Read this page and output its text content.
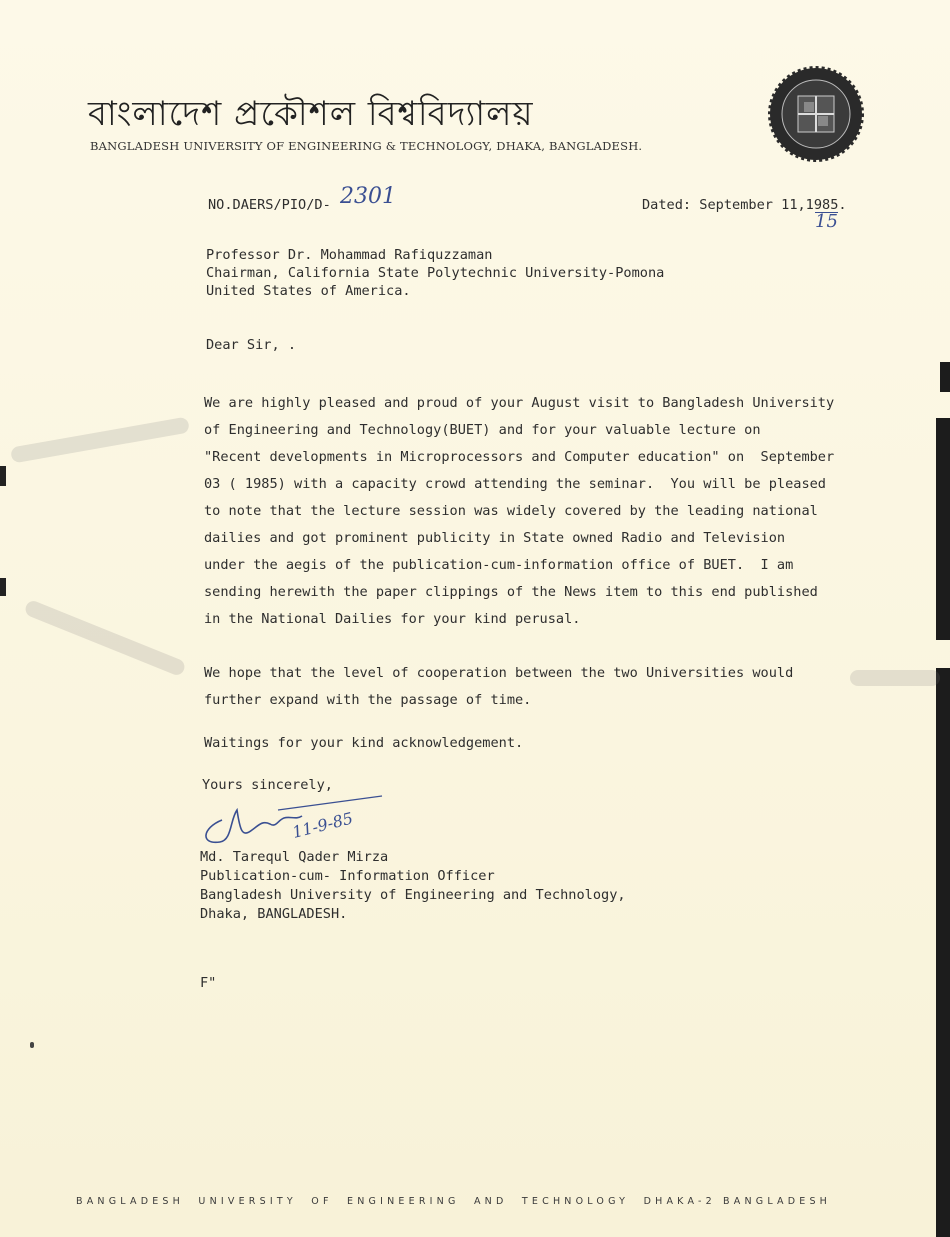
বাংলাদেশ প্রকৌশল বিশ্ববিদ্যালয়
BANGLADESH UNIVERSITY OF ENGINEERING & TECHNOLOGY, DHAKA, BANGLADESH.
NO.DAERS/PIO/D- 2301	Dated: September 11,1985.
15
Professor Dr. Mohammad Rafiquzzaman
Chairman, California State Polytechnic University-Pomona
United States of America.
Dear Sir, .
We are highly pleased and proud of your August visit to Bangladesh University
of Engineering and Technology(BUET) and for your valuable lecture on
"Recent developments in Microprocessors and Computer education" on  September
03 ( 1985) with a capacity crowd attending the seminar.  You will be pleased
to note that the lecture session was widely covered by the leading national
dailies and got prominent publicity in State owned Radio and Television
under the aegis of the publication-cum-information office of BUET.  I am
sending herewith the paper clippings of the News item to this end published
in the National Dailies for your kind perusal.
We hope that the level of cooperation between the two Universities would
further expand with the passage of time.
Waitings for your kind acknowledgement.
Yours sincerely,
11-9-85
Md. Tarequl Qader Mirza
Publication-cum- Information Officer
Bangladesh University of Engineering and Technology,
Dhaka, BANGLADESH.
F"
BANGLADESH  UNIVERSITY  OF  ENGINEERING  AND  TECHNOLOGY  DHAKA-2 BANGLADESH
